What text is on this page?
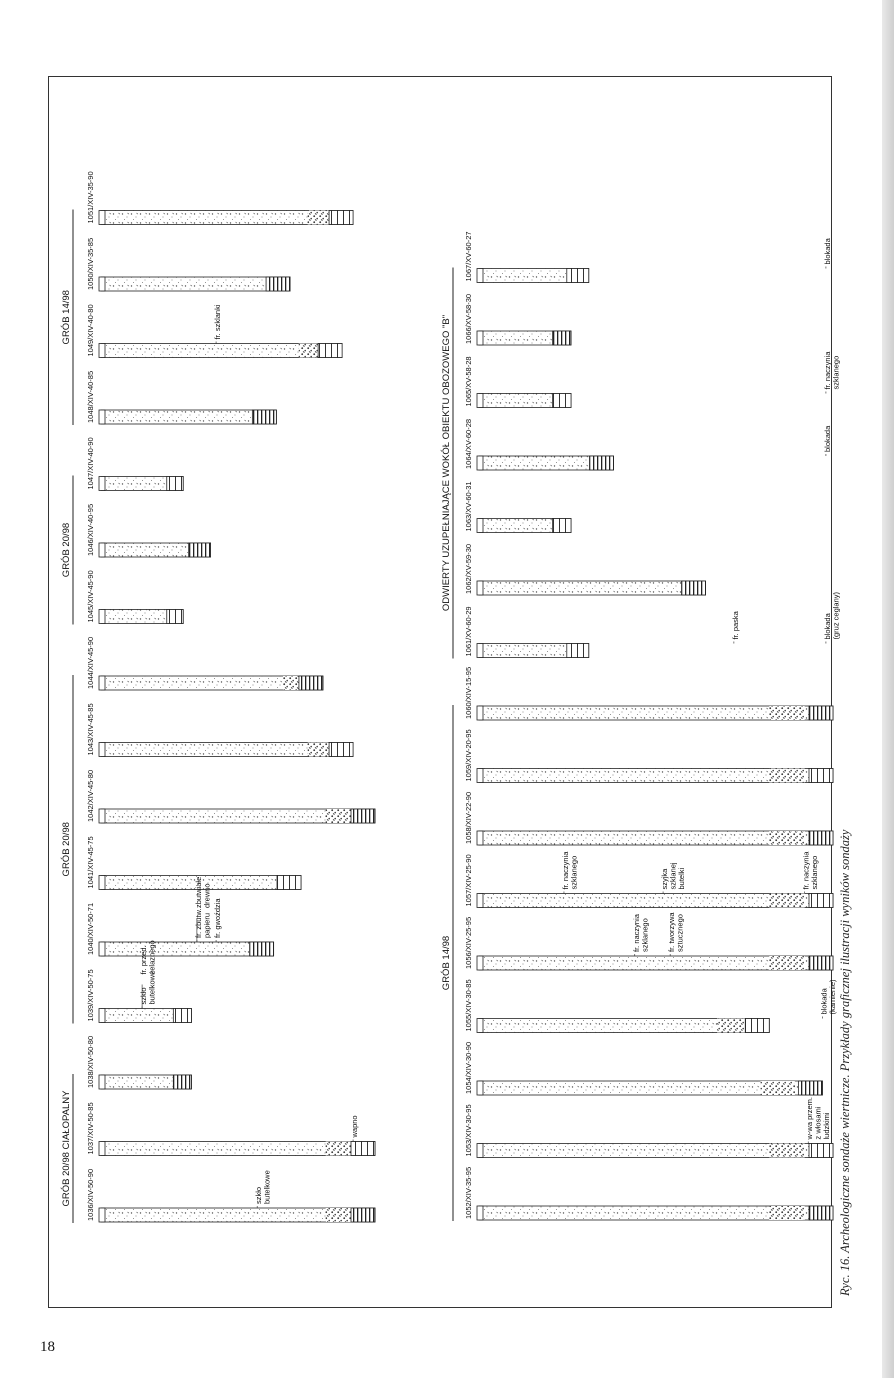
1036/XIV-50-90
1037/XIV-50-85
1038/XIV-50-80
1039/XIV-50-75
1040/XIV-50-71
1041/XIV-45-75
1042/XIV-45-80
1043/XIV-45-85
1044/XIV-45-90
1045/XIV-45-90
1046/XIV-40-95
1047/XIV-40-90
1048/XIV-40-85
1049/XIV-40-80
1050/XIV-35-85
1051/XIV-35-90
GRÓB 20/98 CIAŁOPALNY
GRÓB 20/98
GRÓB 20/98
GRÓB 14/98
szkło butelkowe
wapno
szkło butelkowe
fr. przed. żelaznego
fr. zbutw. papieru
zbutwiałe drewno
fr. gwoździa
fr. szklanki
1052/XIV-35-95
1053/XIV-30-95
1054/XIV-30-90
1055/XIV-30-85
1056/XIV-25-95
1057/XIV-25-90
1058/XIV-22-90
1059/XIV-20-95
1060/XIV-15-95
1061/XV-60-29
1062/XV-59-30
1063/XV-60-31
1064/XV-60-28
1065/XV-58-28
1066/XV-58-30
1067/XV-60-27
GRÓB 14/98
ODWIERTY UZUPEŁNIAJĄCE WOKÓŁ OBIEKTU OBOZOWEGO "B"
w-wa przem. z włosami ludzkimi
blokada (kamienie)
fr. naczynia szklanego fr. tworzywa sztucznego
fr. naczynia szklanego	szyjka szklanej butelki	fr. naczynia szklanego
fr. paska	blokada (gruz ceglany)
blokada
fr. naczynia szklanego
blokada
Ryc. 16. Archeologiczne sondaże wiertnicze. Przykłady graficznej ilustracji wyników sondaży
18
